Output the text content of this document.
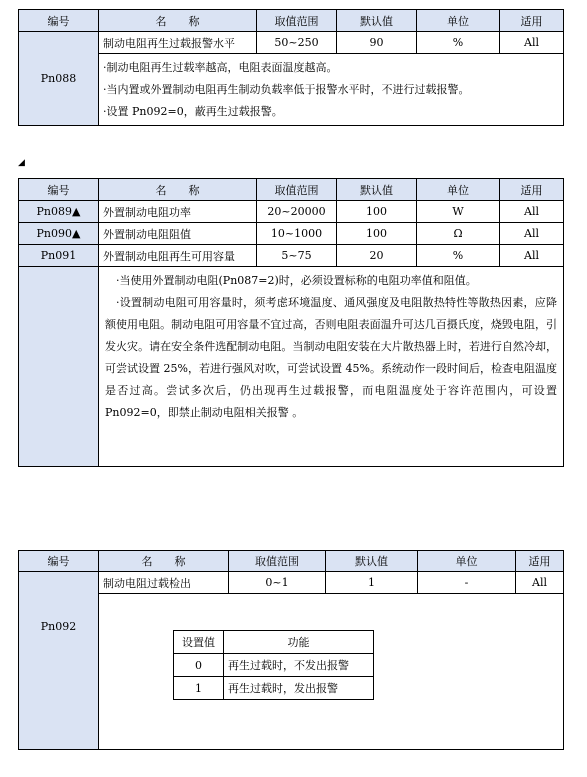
编号	名　　称	取值范围	默认值	单位	适用
Pn088	制动电阻再生过载报警水平	50~250	90	%	All

	·制动电阻再生过载率越高，电阻表面温度越高。
·当内置或外置制动电阻再生制动负载率低于报警水平时，不进行过载报警。
·设置 Pn092=0，蔽再生过载报警。				
◢
编号	名　　称	取值范围	默认值	单位	适用
Pn089▲	外置制动电阻功率	20~20000	100	W	All
Pn090▲	外置制动电阻阻值	10~1000	100	Ω	All
Pn091	外置制动电阻再生可用容量	5~75	20	%	All

	·当使用外置制动电阻(Pn087=2)时，必须设置标称的电阻功率值和阻值。
·设置制动电阻可用容量时，须考虑环境温度、通风强度及电阻散热特性等散热因素，应降额使用电阻。制动电阻可用容量不宜过高，否则电阻表面温升可达几百摄氏度，烧毁电阻，引发火灾。请在安全条件选配制动电阻。当制动电阻安装在大片散热器上时，若进行自然冷却，可尝试设置 25%，若进行强风对吹，可尝试设置 45%。系统动作一段时间后，检查电阻温度是否过高。尝试多次后，仍出现再生过载报警，而电阻温度处于容许范围内，可设置 Pn092=0，即禁止制动电阻相关报警 。				
编号	名　　称	取值范围	默认值	单位	适用
Pn092	制动电阻过载检出	0~1	1	-	All

设置值	功能
0	再生过载时，不发出报警
1	再生过载时，发出报警
